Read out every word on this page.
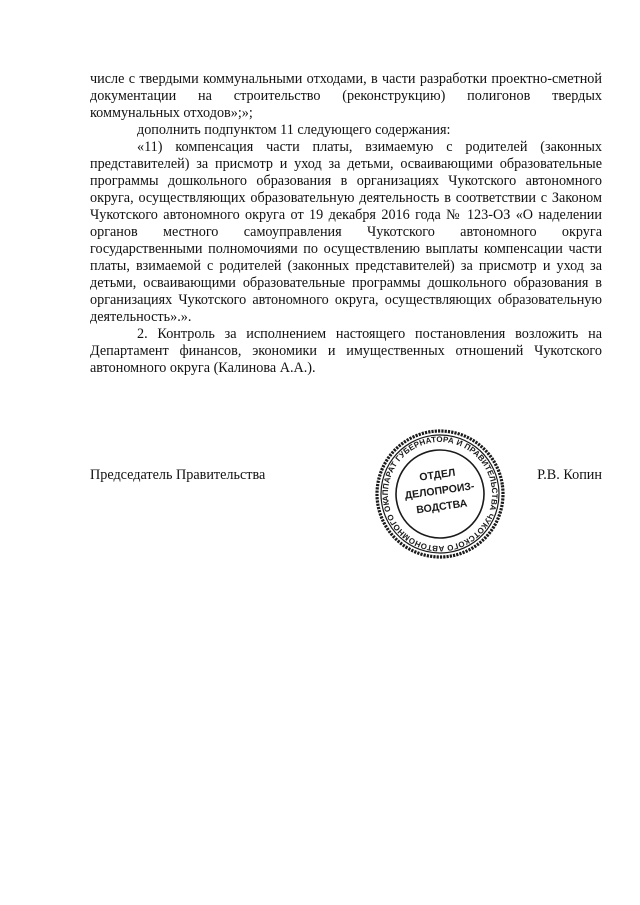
числе с твердыми коммунальными отходами, в части разработки проектно-сметной документации на строительство (реконструкцию) полигонов твердых коммунальных отходов»;»;

дополнить подпунктом 11 следующего содержания:

«11) компенсация части платы, взимаемую с родителей (законных представителей) за присмотр и уход за детьми, осваивающими образовательные программы дошкольного образования в организациях Чукотского автономного округа, осуществляющих образовательную деятельность в соответствии с Законом Чукотского автономного округа от 19 декабря 2016 года № 123-ОЗ «О наделении органов местного самоуправления Чукотского автономного округа государственными полномочиями по осуществлению выплаты компенсации части платы, взимаемой с родителей (законных представителей) за присмотр и уход за детьми, осваивающими образовательные программы дошкольного образования в организациях Чукотского автономного округа, осуществляющих образовательную деятельность».».

2. Контроль за исполнением настоящего постановления возложить на Департамент финансов, экономики и имущественных отношений Чукотского автономного округа (Калинова А.А.).

Председатель Правительства	Р.В. Копин
АППАРАТ ГУБЕРНАТОРА И ПРАВИТЕЛЬСТВА ЧУКОТСКОГО АВТОНОМНОГО ОКРУГА
ОТДЕЛ
ДЕЛОПРОИЗ-
ВОДСТВА
